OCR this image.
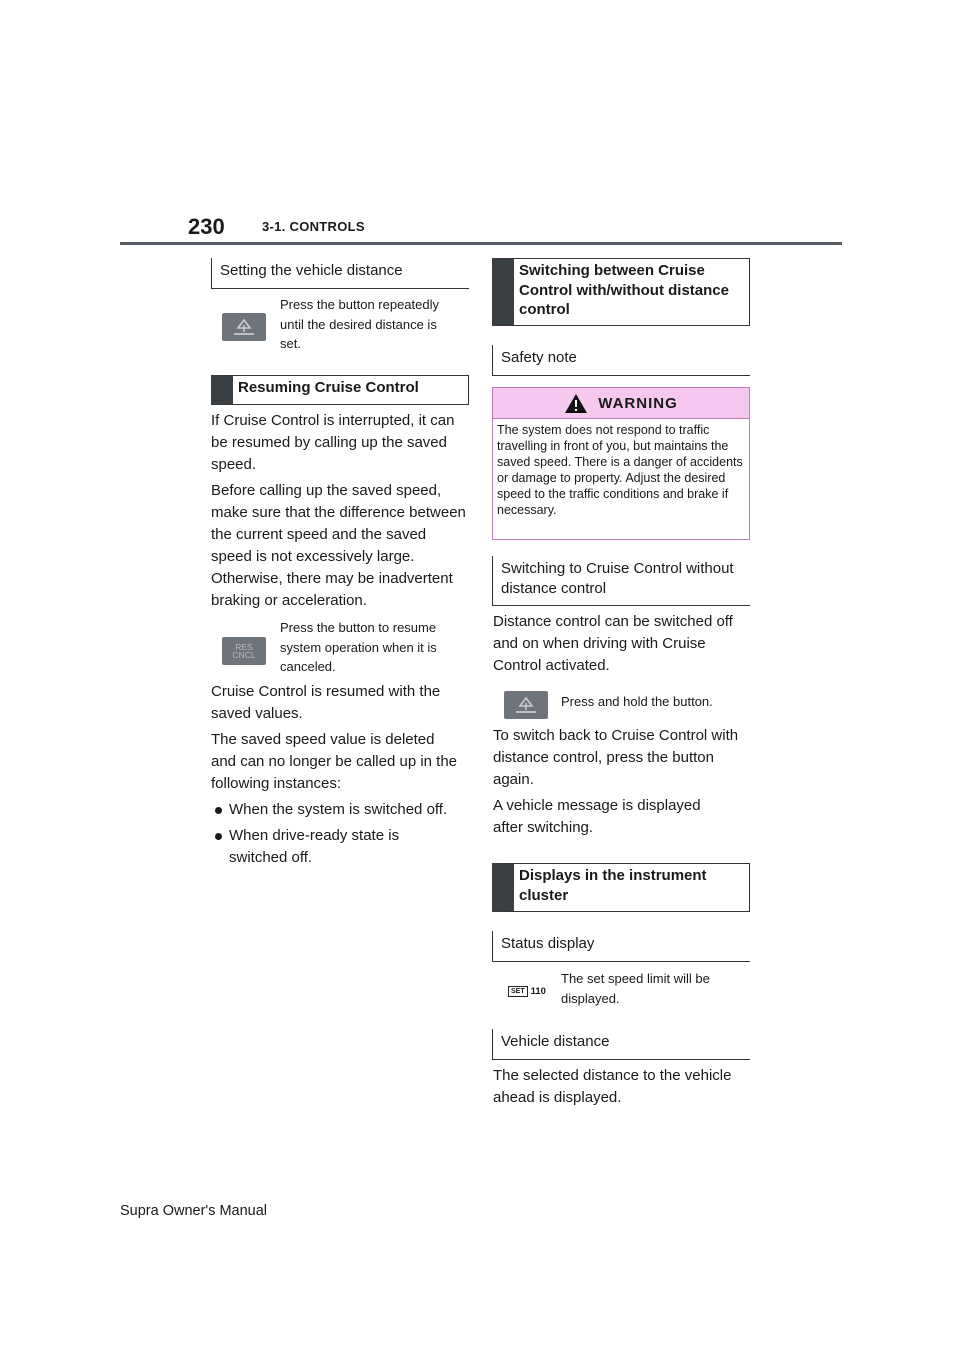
230	3-1. CONTROLS
Setting the vehicle distance

Press the button repeatedly until the desired distance is set.

Resuming Cruise Control

If Cruise Control is interrupted, it can be resumed by calling up the saved speed.

Before calling up the saved speed, make sure that the difference between the current speed and the saved speed is not excessively large. Otherwise, there may be inadvertent braking or acceleration.

RES CNCL

Press the button to resume system operation when it is canceled.

Cruise Control is resumed with the saved values.

The saved speed value is deleted and can no longer be called up in the following instances:

When the system is switched off.
When drive-ready state is switched off.
Switching between Cruise Control with/without distance control
Safety note
WARNING
The system does not respond to traffic travelling in front of you, but maintains the saved speed. There is a danger of accidents or damage to property. Adjust the desired speed to the traffic conditions and brake if necessary.
Switching to Cruise Control without distance control

Distance control can be switched off and on when driving with Cruise Control activated.

Press and hold the button.

To switch back to Cruise Control with distance control, press the button again.

A vehicle message is displayed after switching.

Displays in the instrument cluster
Status display
SET 110

The set speed limit will be displayed.

Vehicle distance

The selected distance to the vehicle ahead is displayed.

Supra Owner's Manual
